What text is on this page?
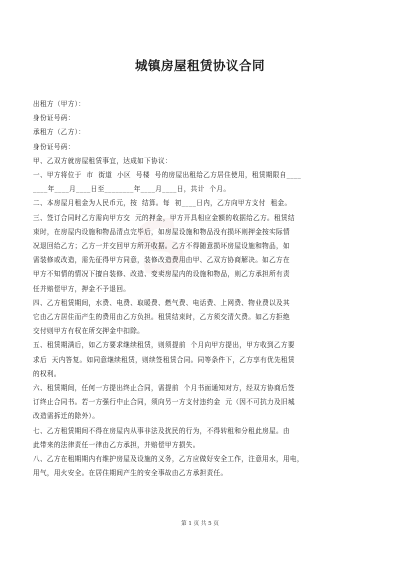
S
城镇房屋租赁协议合同

出租方（甲方）：

身份证号码：

承租方（乙方）：

身份证号码：

甲、乙双方就房屋租赁事宜，达成如下协议：

一、甲方将位于  市  街道  小区  号楼  号的房屋出租给乙方居住使用，租赁期限自____

____年____月____日至________年____月____日，共计  个月。

二、本房屋月租金为人民币元，按  结算。每  初____日内，乙方向甲方支付  租金。

三、签订合同时乙方需向甲方交  元的押金，甲方开具相应金额的收据给乙方。租赁结

束时，在房屋内设施和物品清点完毕后，如房屋设施和物品没有损坏则押金按实际情

况退回给乙方；乙方一并交回甲方所开收据。乙方不得随意损坏房屋设施和物品，如

需装修或改造，需先征得甲方同意，装修改造费用由甲、乙双方协商解决。如乙方在

甲方不知情的情况下擅自装修、改造、变卖房屋内的设施和物品，则乙方承担所有责

任并赔偿甲方，押金不予退回。

四、乙方租赁期间，水费、电费、取暖费、燃气费、电话费、上网费、物业费以及其

它由乙方居住而产生的费用由乙方负担。租赁结束时，乙方须交清欠费。如乙方拒绝

交付则甲方有权在所交押金中扣除。

五、租赁期满后，如乙方要求继续租赁，则须提前  个月向甲方提出，甲方收到乙方要

求后  天内答复。如同意继续租赁，则续签租赁合同。同等条件下，乙方享有优先租赁

的权利。

六、租赁期间，任何一方提出终止合同，需提前  个月书面通知对方，经双方协商后签

订终止合同书。若一方强行中止合同，须向另一方支付违约金  元（因不可抗力及旧城

改造需拆迁的除外）。

七、乙方租赁期间不得在房屋内从事非法及扰民的行为，不得转租和分租此房屋。由

此带来的法律责任一律由乙方承担，并赔偿甲方损失。

八、乙方在租期期内有维护房屋及设施的义务，乙方应做好安全工作，注意用水，用电，

用气，用火安全。在居住期间产生的安全事故由乙方承担责任。

第 1 页 共 5 页
